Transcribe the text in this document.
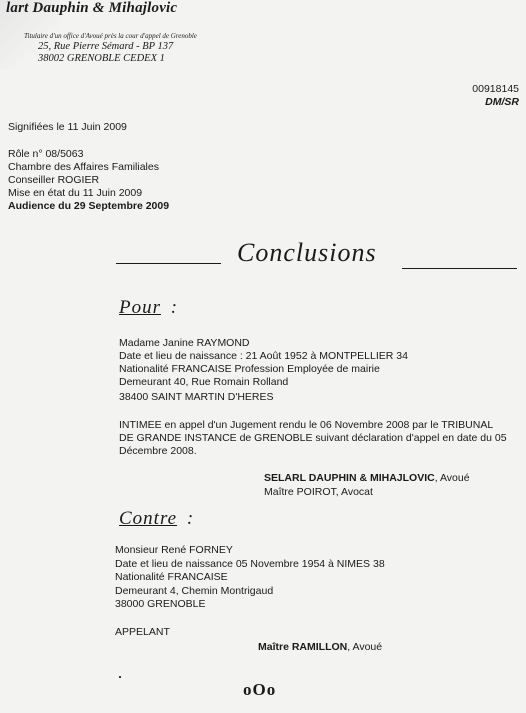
lart Dauphin & Mihajlovic
Titulaire d'un office d'Avoué près la cour d'appel de Grenoble
25, Rue Pierre Sémard - BP 137
38002 GRENOBLE CEDEX 1
00918145
DM/SR
Signifiées le 11 Juin 2009
Rôle n° 08/5063
Chambre des Affaires Familiales
Conseiller ROGIER
Mise en état du 11 Juin 2009
Audience du 29 Septembre 2009
Conclusions
Pour :
Madame Janine RAYMOND
Date et lieu de naissance : 21 Août 1952 à MONTPELLIER 34
Nationalité FRANCAISE Profession Employée de mairie
Demeurant 40, Rue Romain Rolland
38400 SAINT MARTIN D'HERES
INTIMEE en appel d'un Jugement rendu le 06 Novembre 2008 par le TRIBUNAL
DE GRANDE INSTANCE de GRENOBLE suivant déclaration d'appel en date du 05
Décembre 2008.
SELARL DAUPHIN & MIHAJLOVIC, Avoué
Maître POIROT, Avocat
Contre :
Monsieur René FORNEY
Date et lieu de naissance 05 Novembre 1954 à NIMES 38
Nationalité FRANCAISE
Demeurant 4, Chemin Montrigaud
38000 GRENOBLE
APPELANT
Maître RAMILLON, Avoué
oOo
